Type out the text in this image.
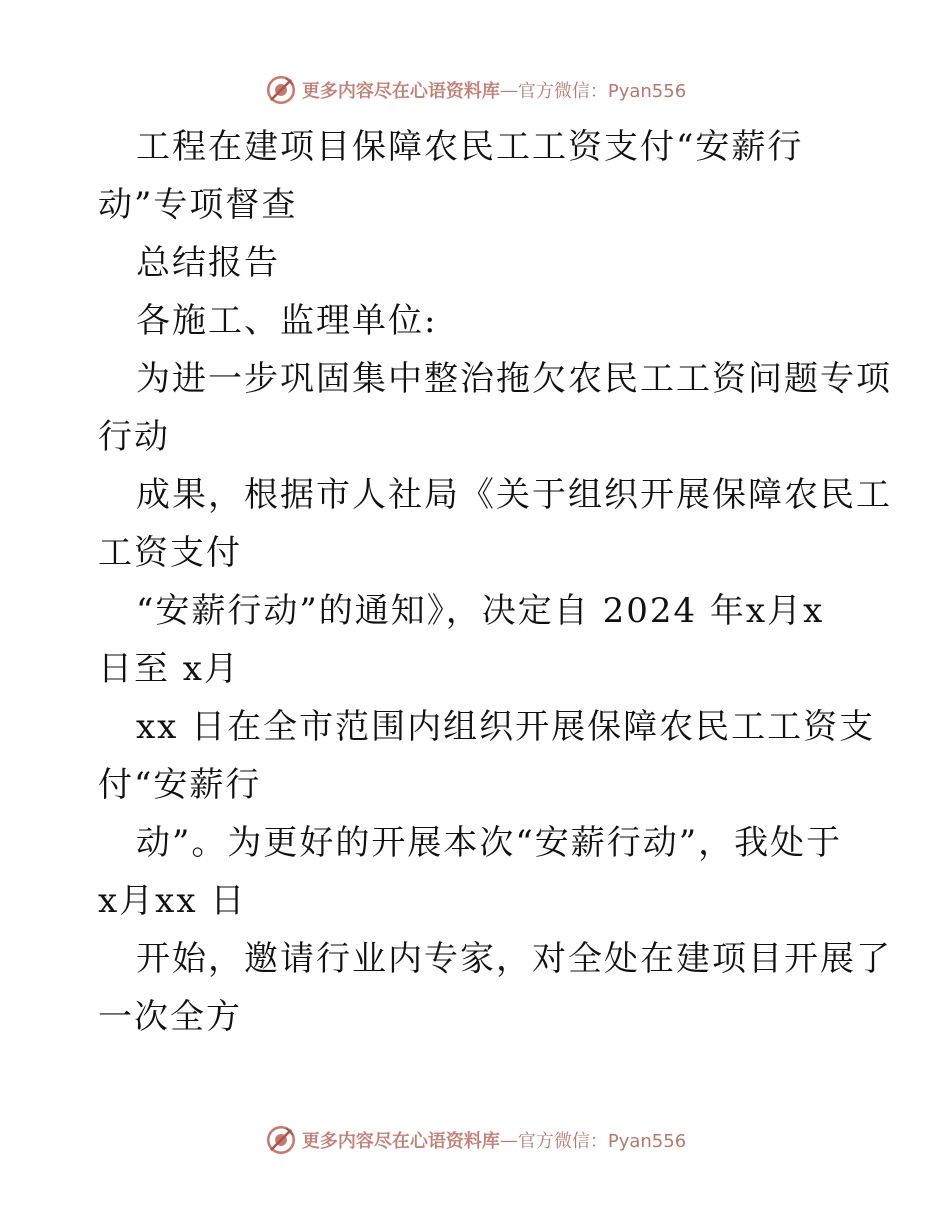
更多内容尽在心语资料库 — 官方微信：Pyan556
工程在建项目保障农民工工资支付“安薪行
动”专项督查
总结报告
各施工、监理单位:
为进一步巩固集中整治拖欠农民工工资问题专项
行动
成果，根据市人社局《关于组织开展保障农民工
工资支付
“安薪行动”的通知》，决定自 2024 年x月x
日至 x月
xx 日在全市范围内组织开展保障农民工工资支
付“安薪行
动”。为更好的开展本次“安薪行动”，我处于
x月xx 日
开始，邀请行业内专家，对全处在建项目开展了
一次全方
更多内容尽在心语资料库 — 官方微信：Pyan556
